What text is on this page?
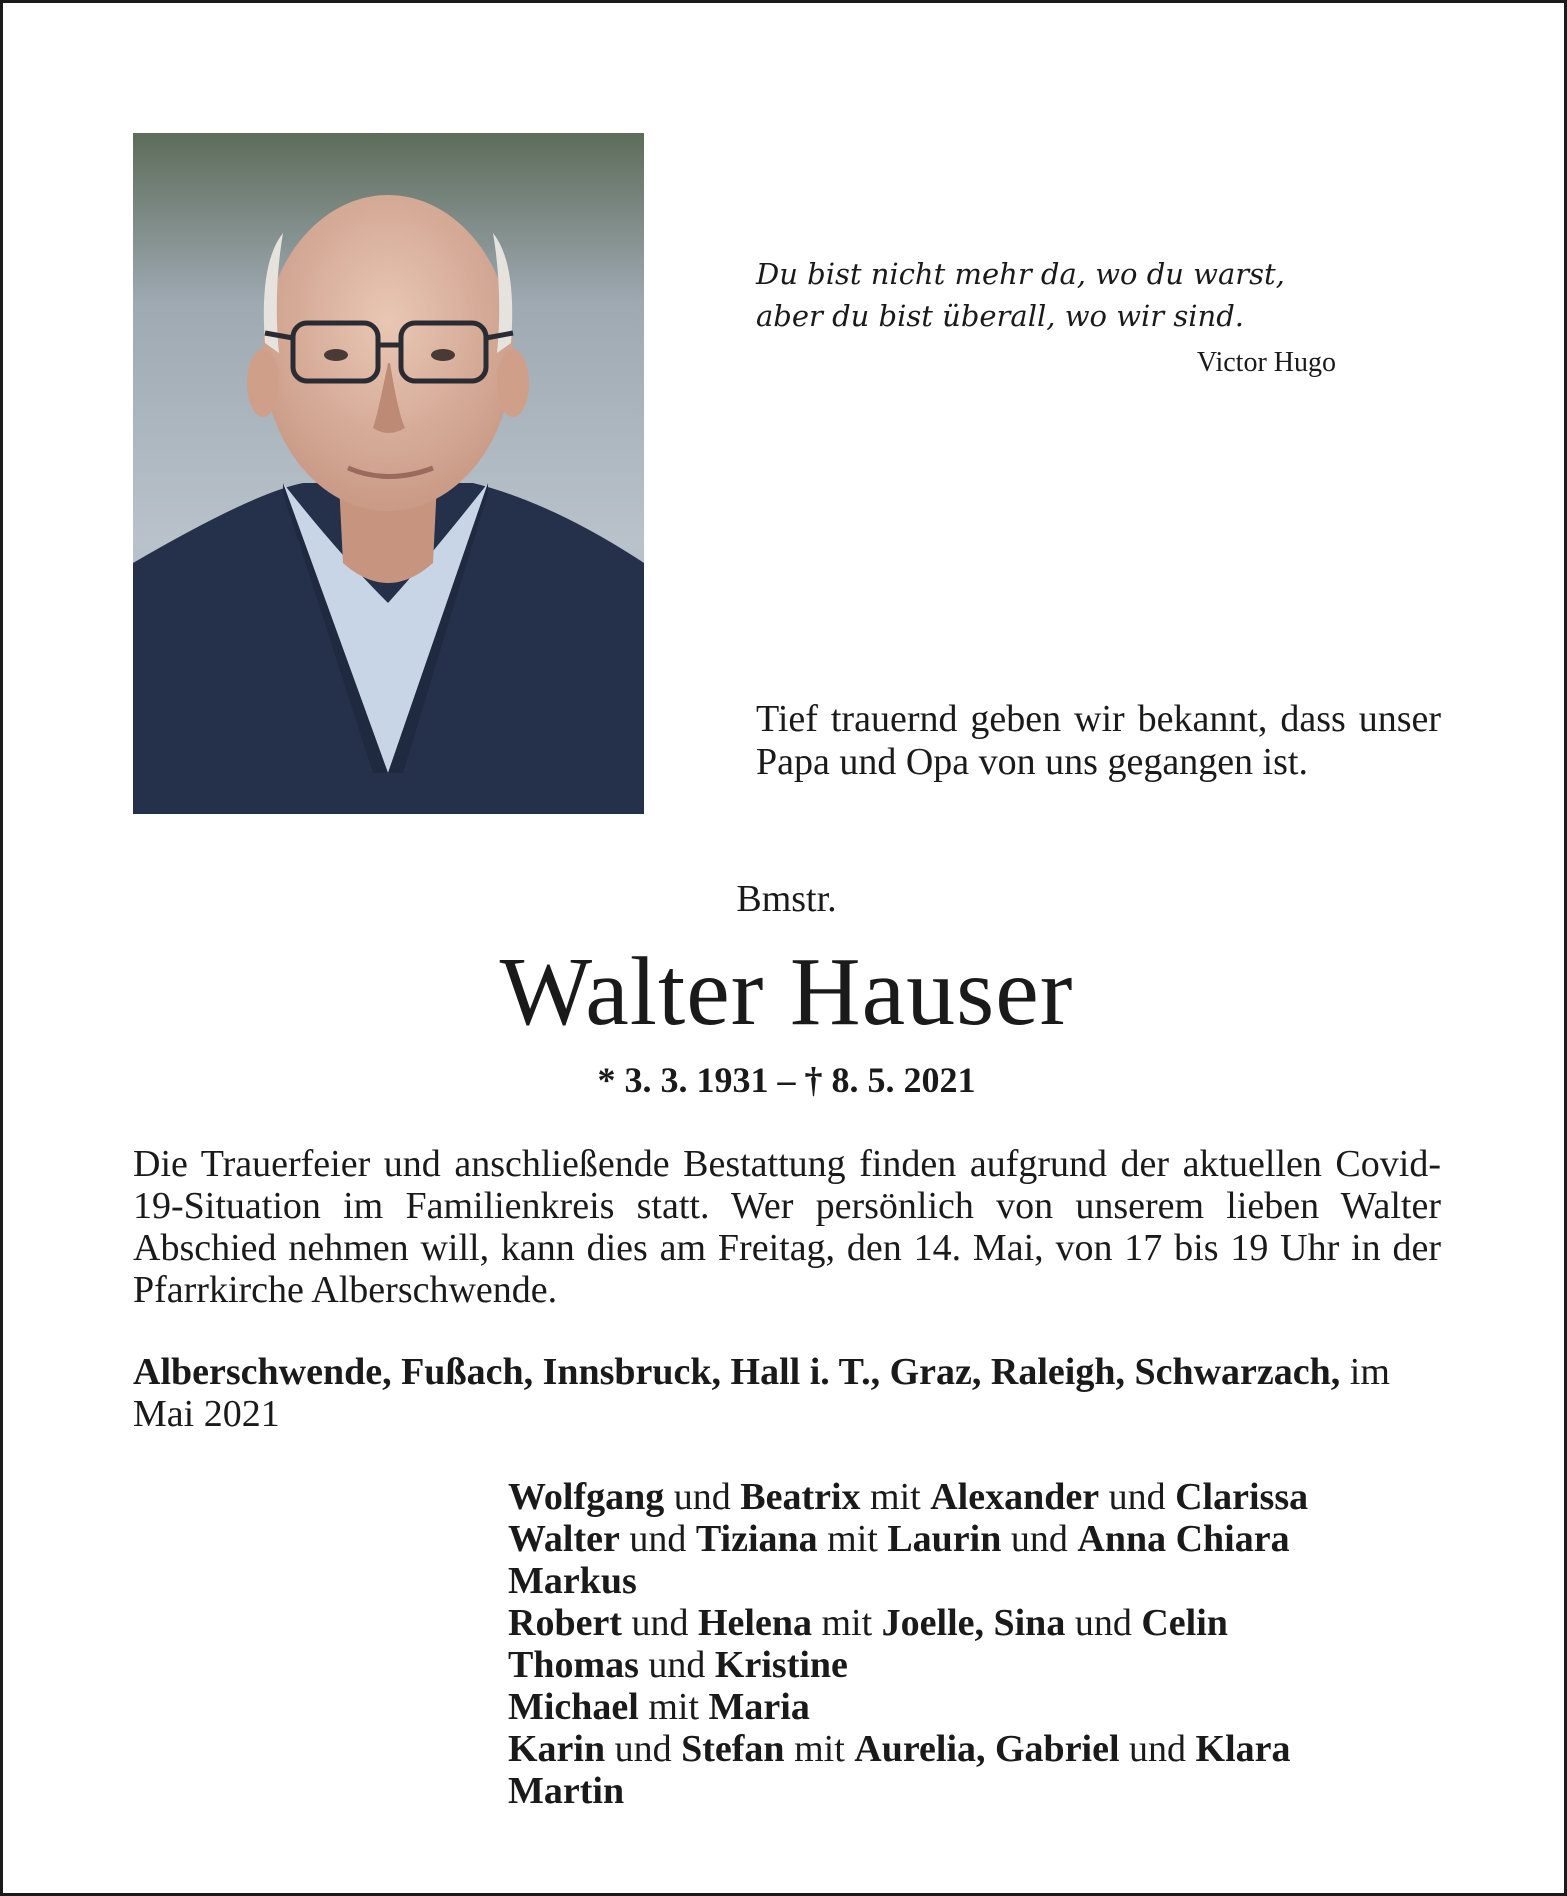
Du bist nicht mehr da, wo du warst,
aber du bist überall, wo wir sind.
Victor Hugo
Tief trauernd geben wir bekannt, dass unser Papa und Opa von uns gegangen ist.
Bmstr.
Walter Hauser
* 3. 3. 1931 – † 8. 5. 2021
Die Trauerfeier und anschließende Bestattung finden aufgrund der aktuellen Covid-19-Situation im Familienkreis statt. Wer persönlich von unserem lieben Walter Abschied nehmen will, kann dies am Freitag, den 14. Mai, von 17 bis 19 Uhr in der Pfarrkirche Alberschwende.
Alberschwende, Fußach, Innsbruck, Hall i. T., Graz, Raleigh, Schwarzach, im Mai 2021
Wolfgang und Beatrix mit Alexander und Clarissa
Walter und Tiziana mit Laurin und Anna Chiara
Markus
Robert und Helena mit Joelle, Sina und Celin
Thomas und Kristine
Michael mit Maria
Karin und Stefan mit Aurelia, Gabriel und Klara
Martin
